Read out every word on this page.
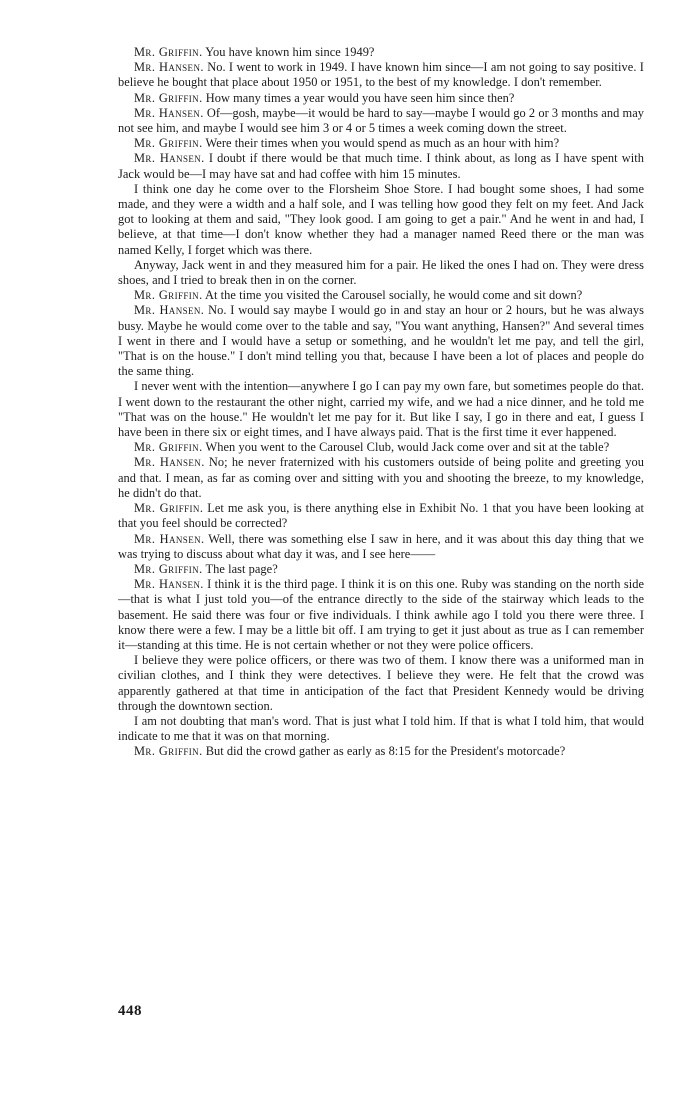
Mr. Griffin. You have known him since 1949?

Mr. Hansen. No. I went to work in 1949. I have known him since—I am not going to say positive. I believe he bought that place about 1950 or 1951, to the best of my knowledge. I don't remember.

Mr. Griffin. How many times a year would you have seen him since then?

Mr. Hansen. Of—gosh, maybe—it would be hard to say—maybe I would go 2 or 3 months and may not see him, and maybe I would see him 3 or 4 or 5 times a week coming down the street.

Mr. Griffin. Were their times when you would spend as much as an hour with him?

Mr. Hansen. I doubt if there would be that much time. I think about, as long as I have spent with Jack would be—I may have sat and had coffee with him 15 minutes.

I think one day he come over to the Florsheim Shoe Store. I had bought some shoes, I had some made, and they were a width and a half sole, and I was telling how good they felt on my feet. And Jack got to looking at them and said, "They look good. I am going to get a pair." And he went in and had, I believe, at that time—I don't know whether they had a manager named Reed there or the man was named Kelly, I forget which was there.

Anyway, Jack went in and they measured him for a pair. He liked the ones I had on. They were dress shoes, and I tried to break then in on the corner.

Mr. Griffin. At the time you visited the Carousel socially, he would come and sit down?

Mr. Hansen. No. I would say maybe I would go in and stay an hour or 2 hours, but he was always busy. Maybe he would come over to the table and say, "You want anything, Hansen?" And several times I went in there and I would have a setup or something, and he wouldn't let me pay, and tell the girl, "That is on the house." I don't mind telling you that, because I have been a lot of places and people do the same thing.

I never went with the intention—anywhere I go I can pay my own fare, but sometimes people do that. I went down to the restaurant the other night, carried my wife, and we had a nice dinner, and he told me "That was on the house." He wouldn't let me pay for it. But like I say, I go in there and eat, I guess I have been in there six or eight times, and I have always paid. That is the first time it ever happened.

Mr. Griffin. When you went to the Carousel Club, would Jack come over and sit at the table?

Mr. Hansen. No; he never fraternized with his customers outside of being polite and greeting you and that. I mean, as far as coming over and sitting with you and shooting the breeze, to my knowledge, he didn't do that.

Mr. Griffin. Let me ask you, is there anything else in Exhibit No. 1 that you have been looking at that you feel should be corrected?

Mr. Hansen. Well, there was something else I saw in here, and it was about this day thing that we was trying to discuss about what day it was, and I see here——

Mr. Griffin. The last page?

Mr. Hansen. I think it is the third page. I think it is on this one. Ruby was standing on the north side—that is what I just told you—of the entrance directly to the side of the stairway which leads to the basement. He said there was four or five individuals. I think awhile ago I told you there were three. I know there were a few. I may be a little bit off. I am trying to get it just about as true as I can remember it—standing at this time. He is not certain whether or not they were police officers.

I believe they were police officers, or there was two of them. I know there was a uniformed man in civilian clothes, and I think they were detectives. I believe they were. He felt that the crowd was apparently gathered at that time in anticipation of the fact that President Kennedy would be driving through the downtown section.

I am not doubting that man's word. That is just what I told him. If that is what I told him, that would indicate to me that it was on that morning.

Mr. Griffin. But did the crowd gather as early as 8:15 for the President's motorcade?

448
